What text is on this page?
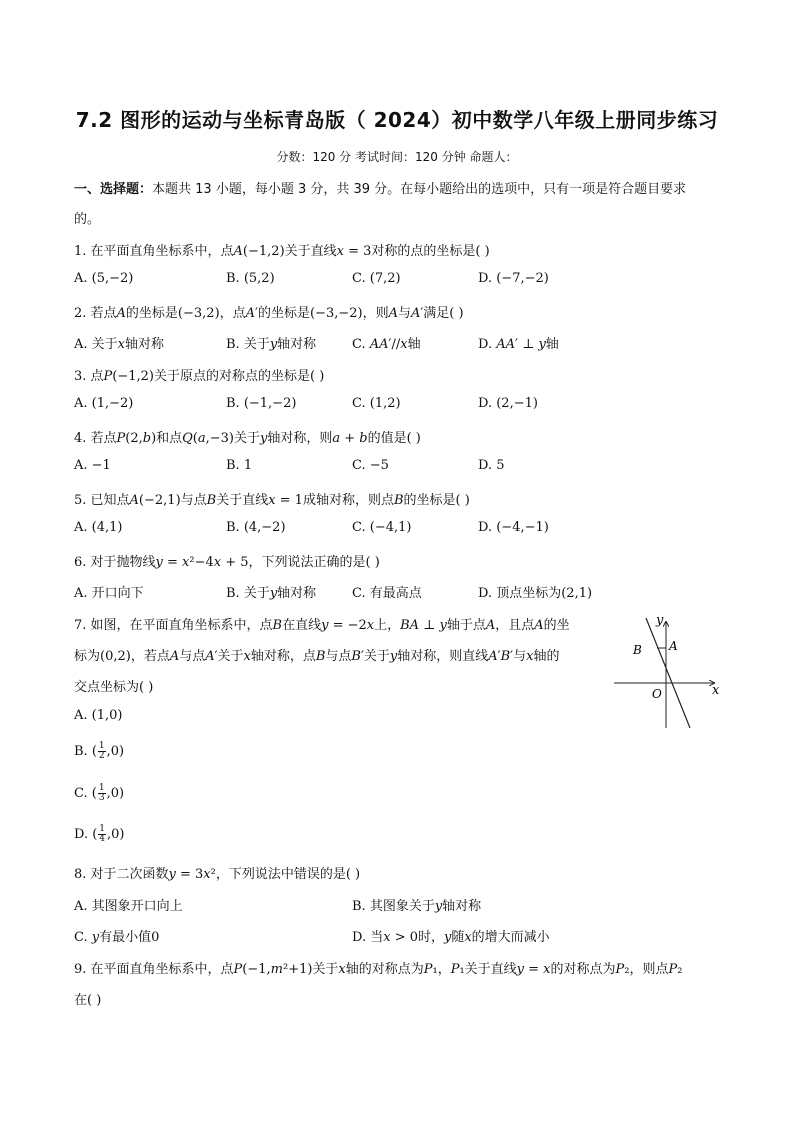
7.2 图形的运动与坐标青岛版（ 2024）初中数学八年级上册同步练习
分数：120 分 考试时间：120 分钟 命题人：
一、选择题：本题共 13 小题，每小题 3 分，共 39 分。在每小题给出的选项中，只有一项是符合题目要求
的。
1. 在平面直角坐标系中，点𝐴(−1,2)关于直线𝑥 = 3对称的点的坐标是( )
A. (5,−2)	B. (5,2)	C. (7,2)	D. (−7,−2)
2. 若点𝐴的坐标是(−3,2)，点𝐴′的坐标是(−3,−2)，则𝐴与𝐴′满足( )
A. 关于𝑥轴对称	B. 关于𝑦轴对称	C. 𝐴𝐴′//𝑥轴	D. 𝐴𝐴′ ⊥ 𝑦轴
3. 点𝑃(−1,2)关于原点的对称点的坐标是( )
A. (1,−2)	B. (−1,−2)	C. (1,2)	D. (2,−1)
4. 若点𝑃(2,𝑏)和点𝑄(𝑎,−3)关于𝑦轴对称，则𝑎 + 𝑏的值是( )
A. −1	B. 1	C. −5	D. 5
5. 已知点𝐴(−2,1)与点𝐵关于直线𝑥 = 1成轴对称，则点𝐵的坐标是( )
A. (4,1)	B. (4,−2)	C. (−4,1)	D. (−4,−1)
6. 对于抛物线𝑦 = 𝑥²−4𝑥 + 5，下列说法正确的是( )
A. 开口向下	B. 关于𝑦轴对称	C. 有最高点	D. 顶点坐标为(2,1)
7. 如图，在平面直角坐标系中，点𝐵在直线𝑦 = −2𝑥上，𝐵𝐴 ⊥ 𝑦轴于点𝐴，且点𝐴的坐
标为(0,2)，若点𝐴与点𝐴′关于𝑥轴对称，点𝐵与点𝐵′关于𝑦轴对称，则直线𝐴′𝐵′与𝑥轴的
交点坐标为( )
A. (1,0)
B. ( $\frac{1}{2} ,0$)
C. ( $\frac{1}{3} ,0$)
D. ( $\frac{1}{4} ,0$)
y
x
A
B
O
8. 对于二次函数𝑦 = 3𝑥²，下列说法中错误的是( )
A. 其图象开口向上	B. 其图象关于𝑦轴对称
C. 𝑦有最小值0	D. 当𝑥 > 0时，𝑦随𝑥的增大而减小
9. 在平面直角坐标系中，点𝑃(−1,𝑚²+1)关于𝑥轴的对称点为𝑃₁，𝑃₁关于直线𝑦 = 𝑥的对称点为𝑃₂，则点𝑃₂
在( )
